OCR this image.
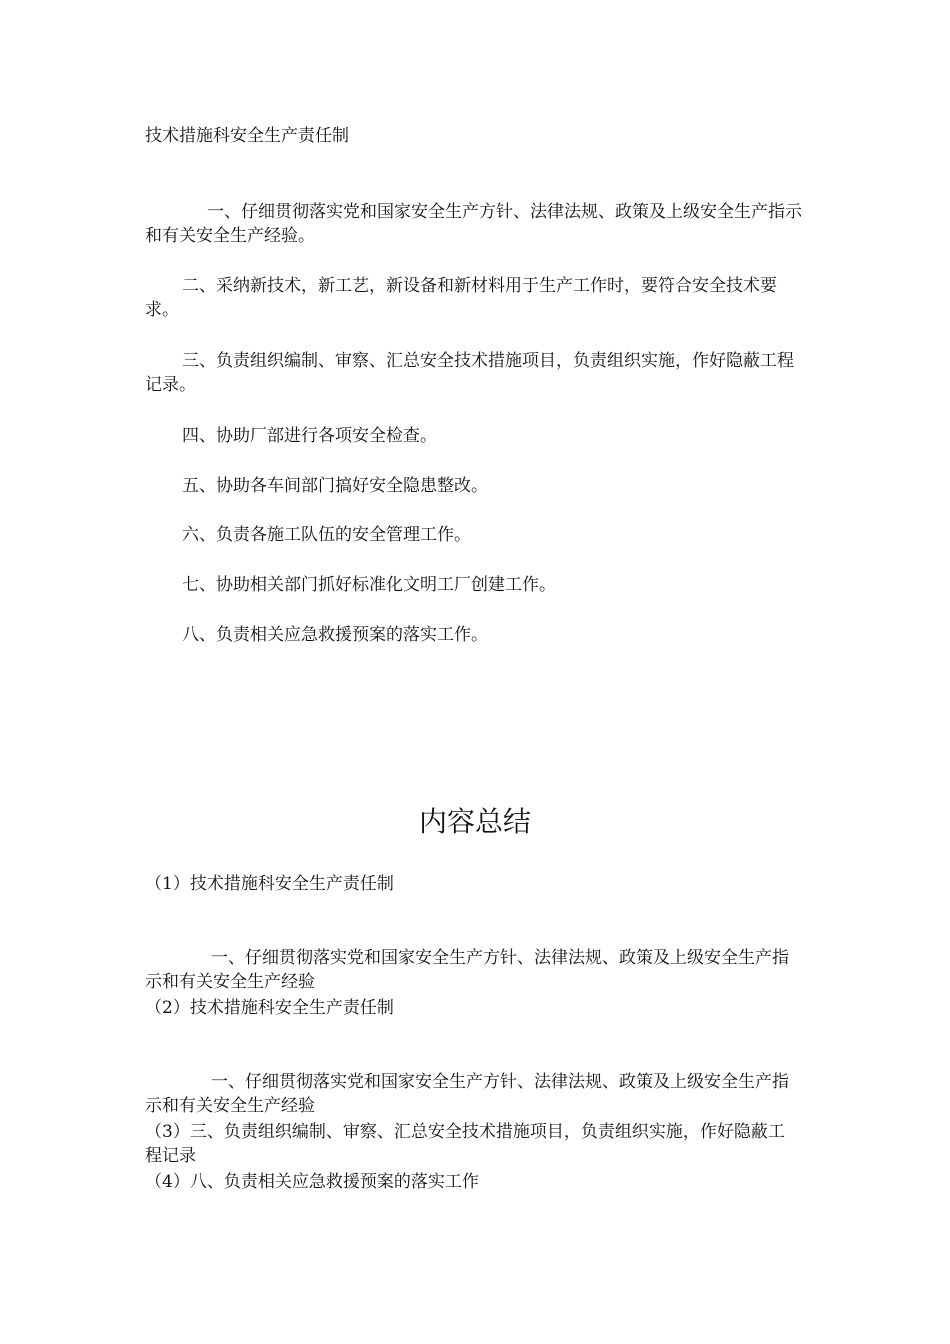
技术措施科安全生产责任制

一、仔细贯彻落实党和国家安全生产方针、法律法规、政策及上级安全生产指示和有关安全生产经验。

二、采纳新技术，新工艺，新设备和新材料用于生产工作时，要符合安全技术要求。

三、负责组织编制、审察、汇总安全技术措施项目，负责组织实施，作好隐蔽工程记录。

四、协助厂部进行各项安全检查。

五、协助各车间部门搞好安全隐患整改。

六、负责各施工队伍的安全管理工作。

七、协助相关部门抓好标准化文明工厂创建工作。

八、负责相关应急救援预案的落实工作。

内容总结

（1）技术措施科安全生产责任制

一、仔细贯彻落实党和国家安全生产方针、法律法规、政策及上级安全生产指示和有关安全生产经验

（2）技术措施科安全生产责任制

一、仔细贯彻落实党和国家安全生产方针、法律法规、政策及上级安全生产指示和有关安全生产经验

（3）三、负责组织编制、审察、汇总安全技术措施项目，负责组织实施，作好隐蔽工程记录

（4）八、负责相关应急救援预案的落实工作
